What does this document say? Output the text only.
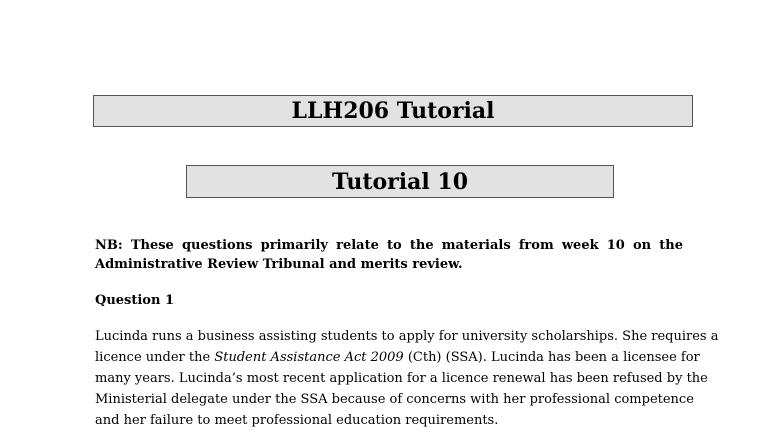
LLH206 Tutorial
Tutorial 10
NB: These questions primarily relate to the materials from week 10 on the
Administrative Review Tribunal and merits review.
Question 1
Lucinda runs a business assisting students to apply for university scholarships. She requires a
licence under the Student Assistance Act 2009 (Cth) (SSA). Lucinda has been a licensee for
many years. Lucinda’s most recent application for a licence renewal has been refused by the
Ministerial delegate under the SSA because of concerns with her professional competence
and her failure to meet professional education requirements.
